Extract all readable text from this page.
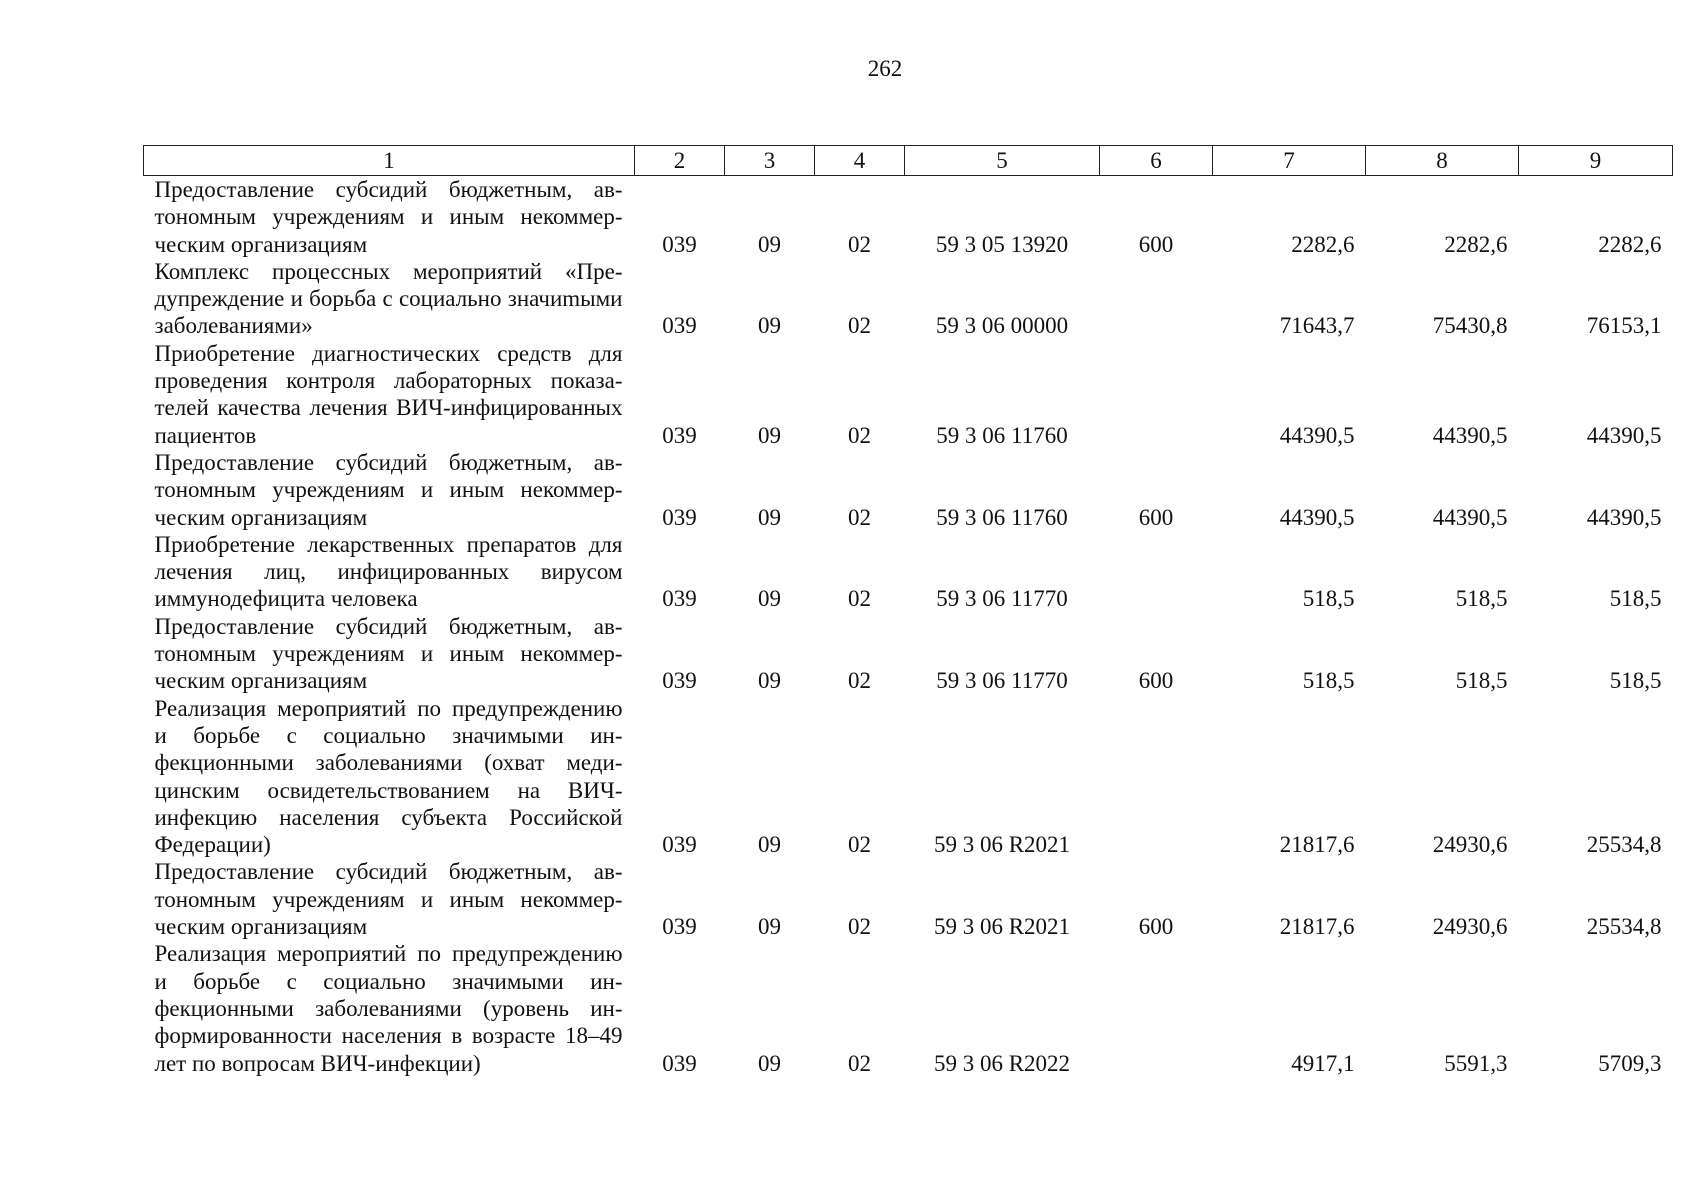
262
1	2	3	4	5	6	7	8	9
Предоставление субсидий бюджетным, автономным учреждениям и иным некоммерческим организациям	039	09	02	59 3 05 13920	600	2282,6	2282,6	2282,6
Комплекс процессных мероприятий «Предупреждение и борьба с социально значиmыми заболеваниями»	039	09	02	59 3 06 00000		71643,7	75430,8	76153,1
Приобретение диагностических средств для проведения контроля лабораторных показателей качества лечения ВИЧ-инфицированных пациентов	039	09	02	59 3 06 11760		44390,5	44390,5	44390,5
Предоставление субсидий бюджетным, автономным учреждениям и иным некоммерческим организациям	039	09	02	59 3 06 11760	600	44390,5	44390,5	44390,5
Приобретение лекарственных препаратов для лечения лиц, инфицированных вирусом иммунодефицита человека	039	09	02	59 3 06 11770		518,5	518,5	518,5
Предоставление субсидий бюджетным, автономным учреждениям и иным некоммерческим организациям	039	09	02	59 3 06 11770	600	518,5	518,5	518,5
Реализация мероприятий по предупреждению и борьбе с социально значимыми инфекционными заболеваниями (охват медицинским освидетельствованием на ВИЧ-инфекцию населения субъекта Российской Федерации)	039	09	02	59 3 06 R2021		21817,6	24930,6	25534,8
Предоставление субсидий бюджетным, автономным учреждениям и иным некоммерческим организациям	039	09	02	59 3 06 R2021	600	21817,6	24930,6	25534,8
Реализация мероприятий по предупреждению и борьбе с социально значимыми инфекционными заболеваниями (уровень информированности населения в возрасте 18–49 лет по вопросам ВИЧ-инфекции)	039	09	02	59 3 06 R2022		4917,1	5591,3	5709,3
